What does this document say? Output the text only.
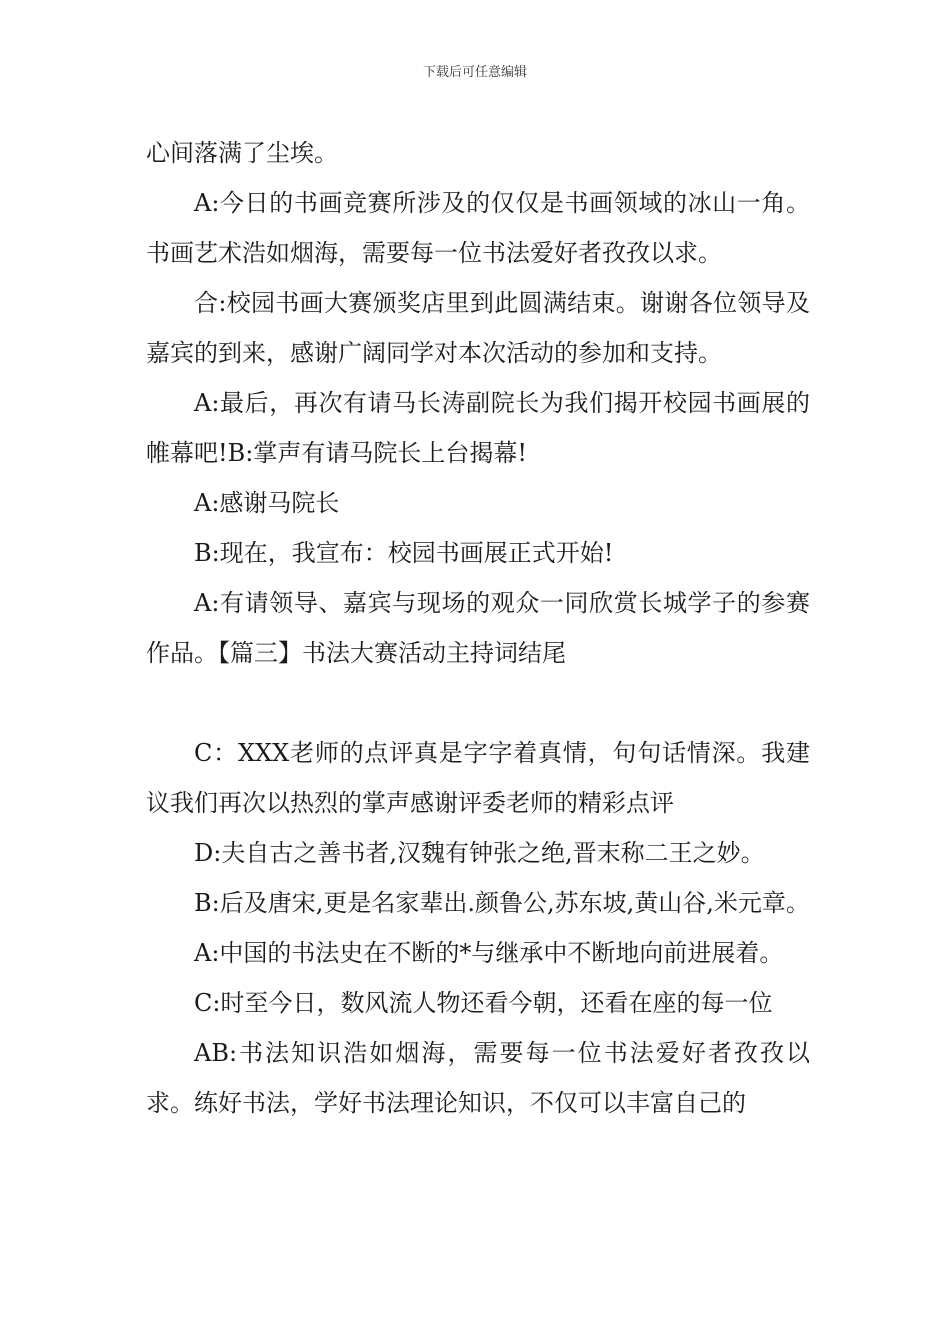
下载后可任意编辑

心间落满了尘埃。

A:今日的书画竞赛所涉及的仅仅是书画领域的冰山一角。书画艺术浩如烟海，需要每一位书法爱好者孜孜以求。

合:校园书画大赛颁奖店里到此圆满结束。谢谢各位领导及嘉宾的到来，感谢广阔同学对本次活动的参加和支持。

A:最后，再次有请马长涛副院长为我们揭开校园书画展的帷幕吧!B:掌声有请马院长上台揭幕!

A:感谢马院长

B:现在，我宣布：校园书画展正式开始!

A:有请领导、嘉宾与现场的观众一同欣赏长城学子的参赛作品。【篇三】书法大赛活动主持词结尾

C：XXX老师的点评真是字字着真情，句句话情深。我建议我们再次以热烈的掌声感谢评委老师的精彩点评

D:夫自古之善书者,汉魏有钟张之绝,晋末称二王之妙。

B:后及唐宋,更是名家辈出.颜鲁公,苏东坡,黄山谷,米元章。

A:中国的书法史在不断的*与继承中不断地向前进展着。

C:时至今日，数风流人物还看今朝，还看在座的每一位

AB:书法知识浩如烟海，需要每一位书法爱好者孜孜以求。练好书法，学好书法理论知识，不仅可以丰富自己的
